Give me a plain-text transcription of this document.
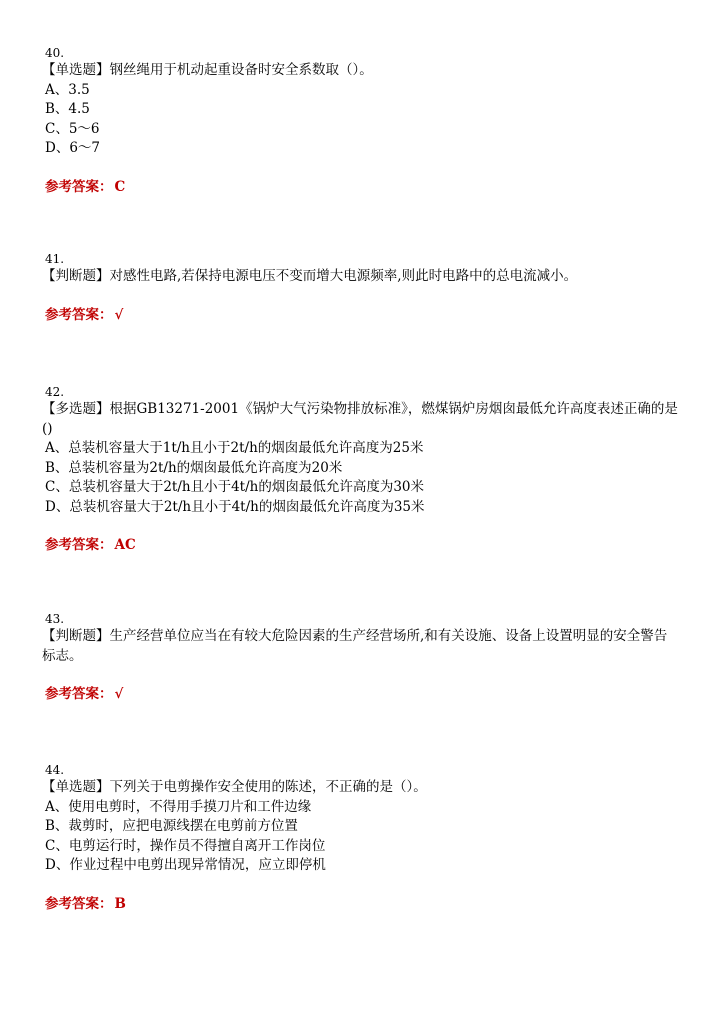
40.
【单选题】钢丝绳用于机动起重设备时安全系数取（）。
A、3.5
B、4.5
C、5～6
D、6～7
参考答案： C
41.
【判断题】对感性电路,若保持电源电压不变而增大电源频率,则此时电路中的总电流减小。
参考答案： √
42.
【多选题】根据GB13271-2001《锅炉大气污染物排放标准》，燃煤锅炉房烟囱最低允许高度表述正确的是()
A、总装机容量大于1t/h且小于2t/h的烟囱最低允许高度为25米
B、总装机容量为2t/h的烟囱最低允许高度为20米
C、总装机容量大于2t/h且小于4t/h的烟囱最低允许高度为30米
D、总装机容量大于2t/h且小于4t/h的烟囱最低允许高度为35米
参考答案： AC
43.
【判断题】生产经营单位应当在有较大危险因素的生产经营场所,和有关设施、设备上设置明显的安全警告标志。
参考答案： √
44.
【单选题】下列关于电剪操作安全使用的陈述，不正确的是（）。
A、使用电剪时，不得用手摸刀片和工件边缘
B、裁剪时，应把电源线摆在电剪前方位置
C、电剪运行时，操作员不得擅自离开工作岗位
D、作业过程中电剪出现异常情况，应立即停机
参考答案： B
